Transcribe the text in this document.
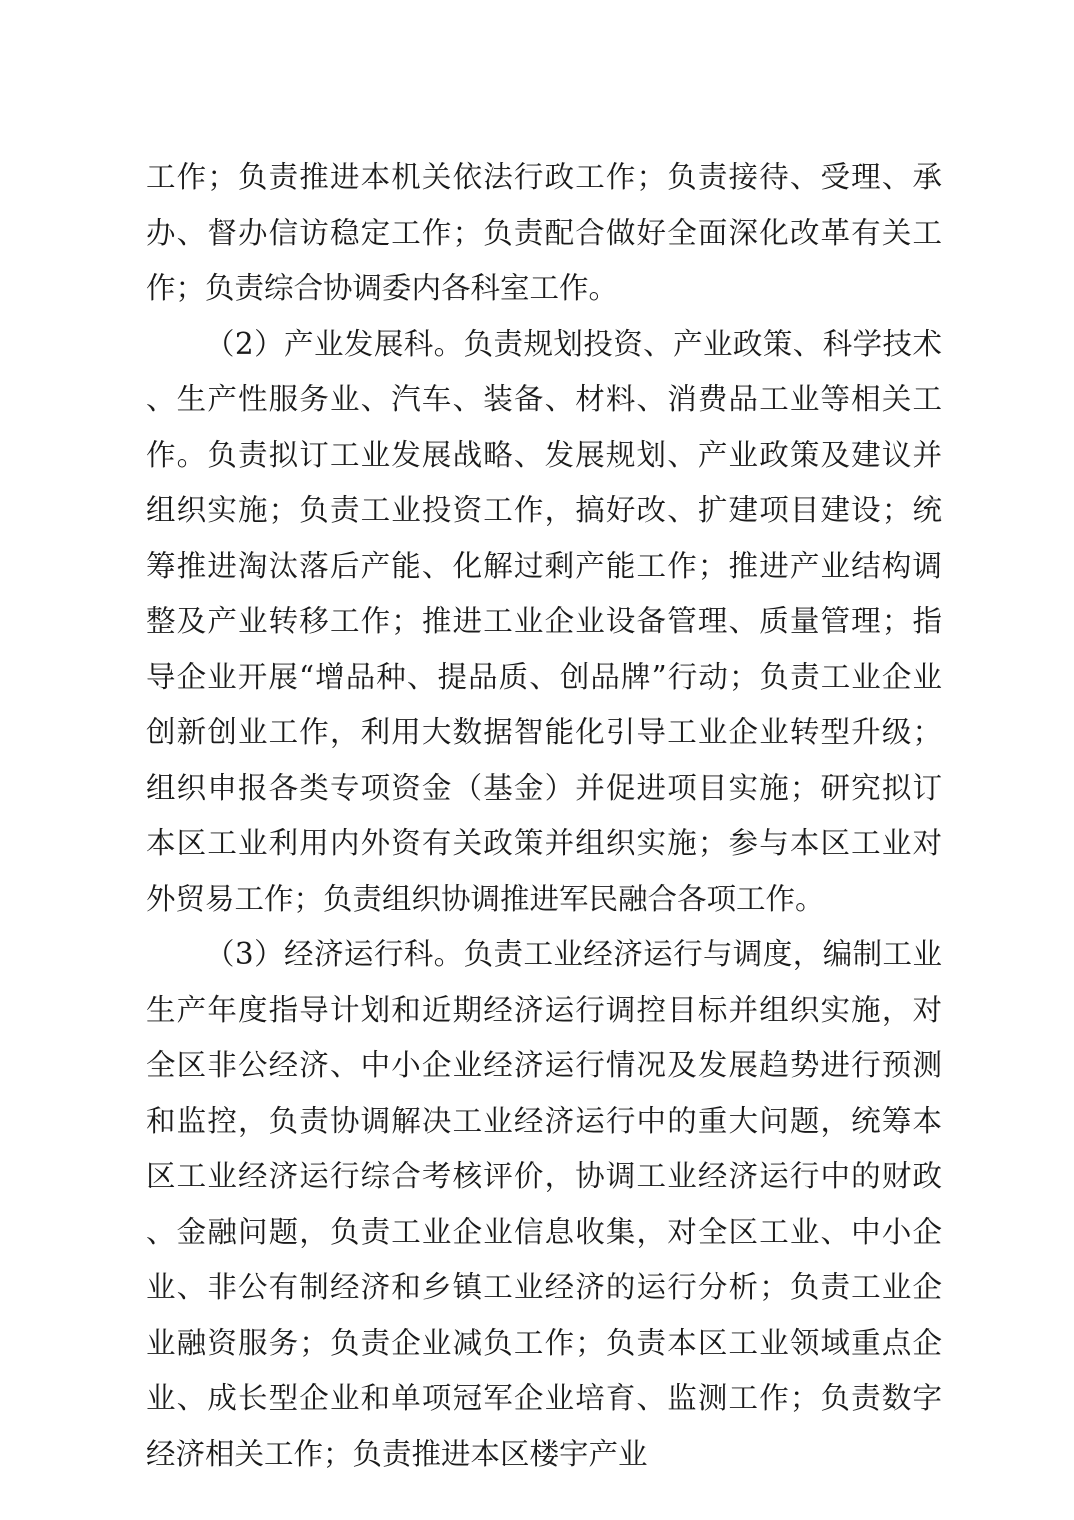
工作；负责推进本机关依法行政工作；负责接待、受理、承办、督办信访稳定工作；负责配合做好全面深化改革有关工作；负责综合协调委内各科室工作。

（2）产业发展科。负责规划投资、产业政策、科学技术、生产性服务业、汽车、装备、材料、消费品工业等相关工作。负责拟订工业发展战略、发展规划、产业政策及建议并组织实施；负责工业投资工作，搞好改、扩建项目建设；统筹推进淘汰落后产能、化解过剩产能工作；推进产业结构调整及产业转移工作；推进工业企业设备管理、质量管理；指导企业开展“增品种、提品质、创品牌”行动；负责工业企业创新创业工作，利用大数据智能化引导工业企业转型升级；组织申报各类专项资金（基金）并促进项目实施；研究拟订本区工业利用内外资有关政策并组织实施；参与本区工业对外贸易工作；负责组织协调推进军民融合各项工作。

（3）经济运行科。负责工业经济运行与调度，编制工业生产年度指导计划和近期经济运行调控目标并组织实施，对全区非公经济、中小企业经济运行情况及发展趋势进行预测和监控，负责协调解决工业经济运行中的重大问题，统筹本区工业经济运行综合考核评价，协调工业经济运行中的财政、金融问题，负责工业企业信息收集，对全区工业、中小企业、非公有制经济和乡镇工业经济的运行分析；负责工业企业融资服务；负责企业减负工作；负责本区工业领域重点企业、成长型企业和单项冠军企业培育、监测工作；负责数字经济相关工作；负责推进本区楼宇产业
